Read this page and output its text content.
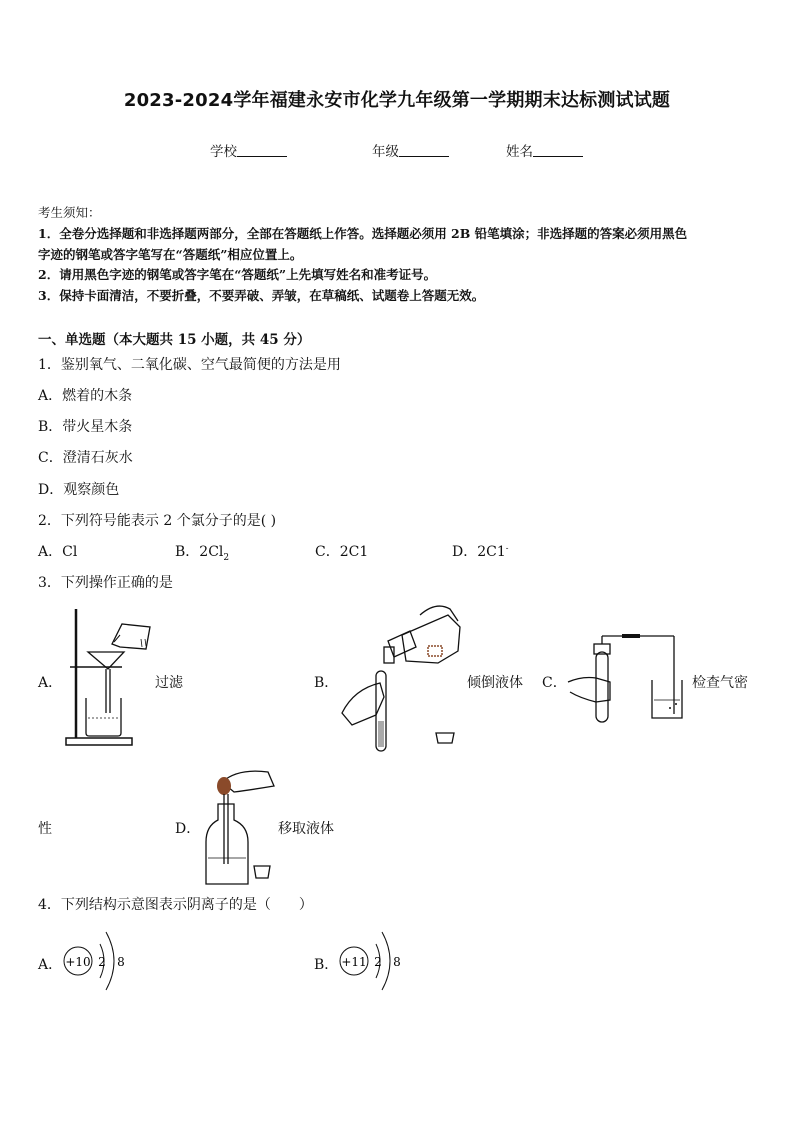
2023-2024学年福建永安市化学九年级第一学期期末达标测试试题
学校	年级	姓名
考生须知：
1．全卷分选择题和非选择题两部分，全部在答题纸上作答。选择题必须用 2B 铅笔填涂；非选择题的答案必须用黑色
字迹的钢笔或答字笔写在“答题纸”相应位置上。
2．请用黑色字迹的钢笔或答字笔在“答题纸”上先填写姓名和准考证号。
3．保持卡面清洁，不要折叠，不要弄破、弄皱，在草稿纸、试题卷上答题无效。
一、单选题（本大题共 15 小题，共 45 分）
1．鉴别氧气、二氧化碳、空气最简便的方法是用
A．燃着的木条
B．带火星木条
C．澄清石灰水
D．观察颜色
2．下列符号能表示 2 个氯分子的是( )
A．Cl	B．$2Cl_2$	C．2C1	D．2C1-
3．下列操作正确的是
A．	过滤	B．	倾倒液体 C．	检查气密
性	D．	移取液体
4．下列结构示意图表示阴离子的是（　　）
A． +10 2 8	B． +11 2 8
